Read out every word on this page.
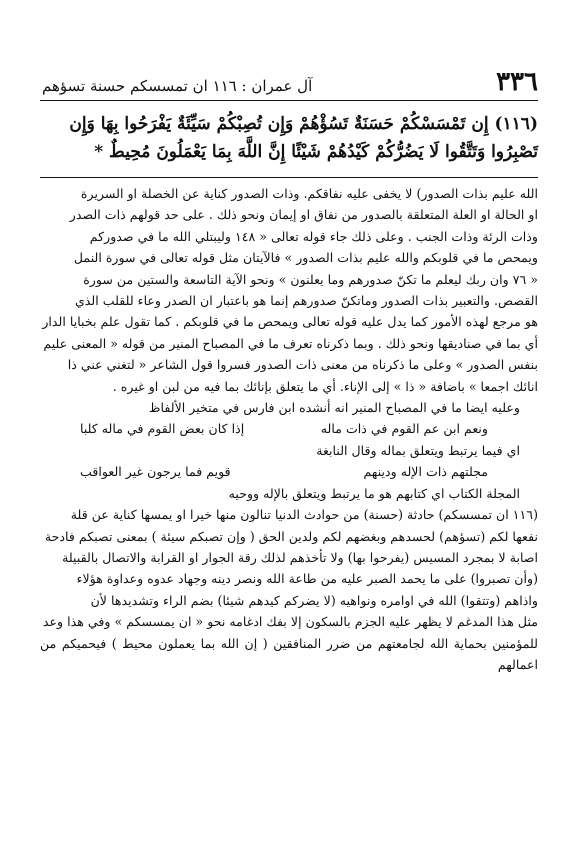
٣٣٦
آل عمران : ١١٦ ان تمسسكم حسنة تسؤهم
(١١٦) إِن تَمْسَسْكُمْ حَسَنَةٌ تَسُؤْهُمْ وَإِن تُصِبْكُمْ سَيِّئَةٌ يَفْرَحُوا بِهَا وَإِن
تَصْبِرُوا وَتَتَّقُوا لَا يَضُرُّكُمْ كَيْدُهُمْ شَيْئًا إِنَّ اللَّهَ بِمَا يَعْمَلُونَ مُحِيطٌ *
الله عليم بذات الصدور) لا يخفى عليه نفاقكم. وذات الصدور كناية عن الخصلة او السريرة
او الحالة او العلة المتعلقة بالصدور من نفاق او إيمان ونحو ذلك . على حد قولهم ذات الصدر
وذات الرئة وذات الجنب . وعلى ذلك جاء قوله تعالى « ١٤٨ وليبتلي الله ما في صدوركم
ويمحص ما في قلوبكم والله عليم بذات الصدور » فالآيتان مثل قوله تعالى في سورة النمل
« ٧٦ وان ربك ليعلم ما تكنّ صدورهم وما يعلنون » ونحو الآية التاسعة والستين من سورة
القصص. والتعبير بذات الصدور وماتكنّ صدورهم إنما هو باعتبار ان الصدر وعاء للقلب الذي
هو مرجع لهذه الأمور كما يدل عليه قوله تعالى ويمحص ما في قلوبكم . كما تقول علم بخبايا الدار
أي بما في صناديقها ونحو ذلك . وبما ذكرناه تعرف ما في المصباح المنير من قوله « المعنى عليم
بنفس الصدور » وعلى ما ذكرناه من معنى ذات الصدور فسروا قول الشاعر « لتغني عني ذا
انائك اجمعا » باضافة « ذا » إلى الإناء. أي ما يتعلق بإنائك بما فيه من لبن او غيره .
وعليه ايضا ما في المصباح المنير انه أنشده ابن فارس في متخير الألفاظ
ونعم ابن عم القوم في ذات ماله
إذا كان بعض القوم في ماله كلبا
اي فيما يرتبط ويتعلق بماله وقال النابغة
مجلتهم ذات الإله ودينهم
قويم فما يرجون غير العواقب
المجلة الكتاب اي كتابهم هو ما يرتبط ويتعلق بالإله ووحيه
(١١٦ ان تمسسكم) حادثة (حسنة) من حوادث الدنيا تنالون منها خيرا او يمسها كناية عن قلة
نفعها لكم (تسؤهم) لحسدهم وبغضهم لكم ولدين الحق ( وإن تصبكم سيئة ) بمعنى تصبكم فادحة
اصابة لا بمجرد المسيس (يفرحوا بها) ولا تأخذهم لذلك رقة الجوار او القرابة والاتصال بالقبيلة
(وأن تصبروا) على ما يحمد الصبر عليه من طاعة الله ونصر دينه وجهاد عدوه وعداوة هؤلاء
واذاهم (وتتقوا) الله في اوامره ونواهيه (لا يضركم كيدهم شيئا) بضم الراء وتشديدها لأن
مثل هذا المدغم لا يظهر عليه الجزم بالسكون إلا بفك ادغامه نحو « ان يمسسكم » وفي هذا وعد
للمؤمنين بحماية الله لجامعتهم من ضرر المنافقين ( إن الله بما يعملون محيط ) فيحميكم من اعمالهم
